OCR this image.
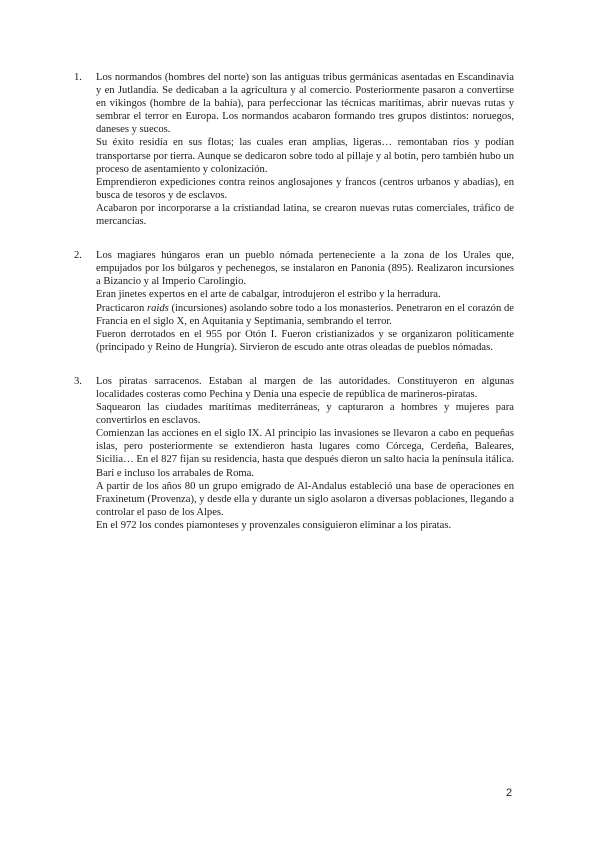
1. Los normandos (hombres del norte) son las antiguas tribus germánicas asentadas en Escandinavia y en Jutlandia. Se dedicaban a la agricultura y al comercio. Posteriormente pasaron a convertirse en vikingos (hombre de la bahía), para perfeccionar las técnicas marítimas, abrir nuevas rutas y sembrar el terror en Europa. Los normandos acabaron formando tres grupos distintos: noruegos, daneses y suecos.

Su éxito residía en sus flotas; las cuales eran amplias, ligeras… remontaban ríos y podían transportarse por tierra. Aunque se dedicaron sobre todo al pillaje y al botín, pero también hubo un proceso de asentamiento y colonización.

Emprendieron expediciones contra reinos anglosajones y francos (centros urbanos y abadías), en busca de tesoros y de esclavos.

Acabaron por incorporarse a la cristiandad latina, se crearon nuevas rutas comerciales, tráfico de mercancías.

2. Los magiares húngaros eran un pueblo nómada perteneciente a la zona de los Urales que, empujados por los búlgaros y pechenegos, se instalaron en Panonia (895). Realizaron incursiones a Bizancio y al Imperio Carolingio.

Eran jinetes expertos en el arte de cabalgar, introdujeron el estribo y la herradura.

Practicaron raids (incursiones) asolando sobre todo a los monasterios. Penetraron en el corazón de Francia en el siglo X, en Aquitania y Septimania, sembrando el terror.

Fueron derrotados en el 955 por Otón I. Fueron cristianizados y se organizaron políticamente (principado y Reino de Hungría). Sirvieron de escudo ante otras oleadas de pueblos nómadas.

3. Los piratas sarracenos. Estaban al margen de las autoridades. Constituyeron en algunas localidades costeras como Pechina y Denia una especie de república de marineros-piratas.

Saquearon las ciudades marítimas mediterráneas, y capturaron a hombres y mujeres para convertirlos en esclavos.

Comienzan las acciones en el siglo IX. Al principio las invasiones se llevaron a cabo en pequeñas islas, pero posteriormente se extendieron hasta lugares como Córcega, Cerdeña, Baleares, Sicilia… En el 827 fijan su residencia, hasta que después dieron un salto hacia la península itálica. Bari e incluso los arrabales de Roma.

A partir de los años 80 un grupo emigrado de Al-Andalus estableció una base de operaciones en Fraxinetum (Provenza), y desde ella y durante un siglo asolaron a diversas poblaciones, llegando a controlar el paso de los Alpes.

En el 972 los condes piamonteses y provenzales consiguieron eliminar a los piratas.

2
